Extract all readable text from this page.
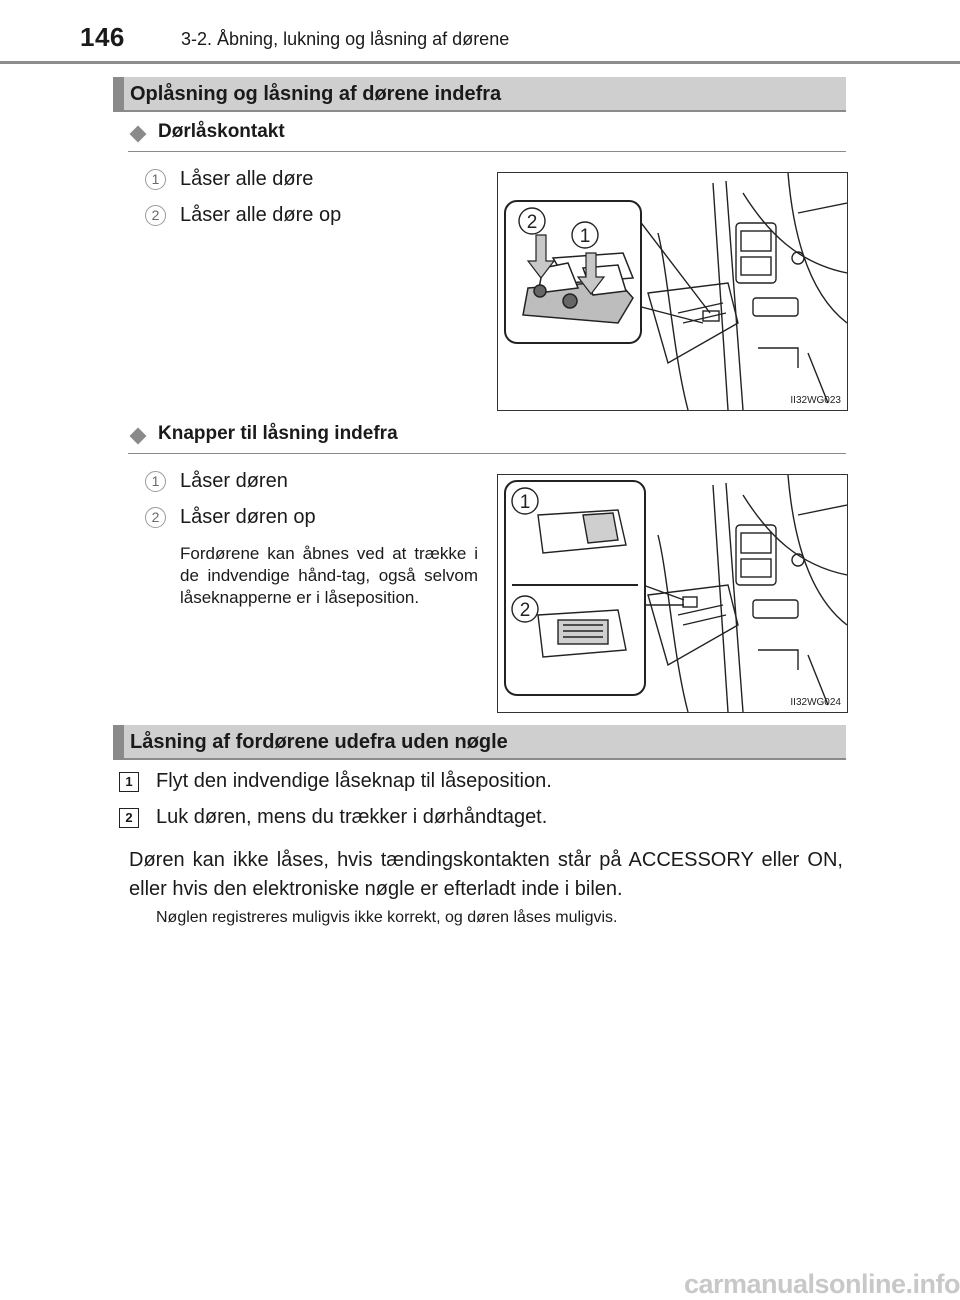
146	3-2. Åbning, lukning og låsning af dørene
Oplåsning og låsning af dørene indefra
Dørlåskontakt
1	Låser alle døre
2	Låser alle døre op	2
1
II32WG023
Knapper til låsning indefra
1	Låser døren
2	Låser døren op
Fordørene kan åbnes ved at trække i de indvendige hånd-tag, også selvom låseknapperne er i låseposition.
1
2
II32WG024
Låsning af fordørene udefra uden nøgle
1	Flyt den indvendige låseknap til låseposition.
2	Luk døren, mens du trækker i dørhåndtaget.
Døren kan ikke låses, hvis tændingskontakten står på ACCESSORY eller ON, eller hvis den elektroniske nøgle er efterladt inde i bilen.
Nøglen registreres muligvis ikke korrekt, og døren låses muligvis.
carmanualsonline.info
